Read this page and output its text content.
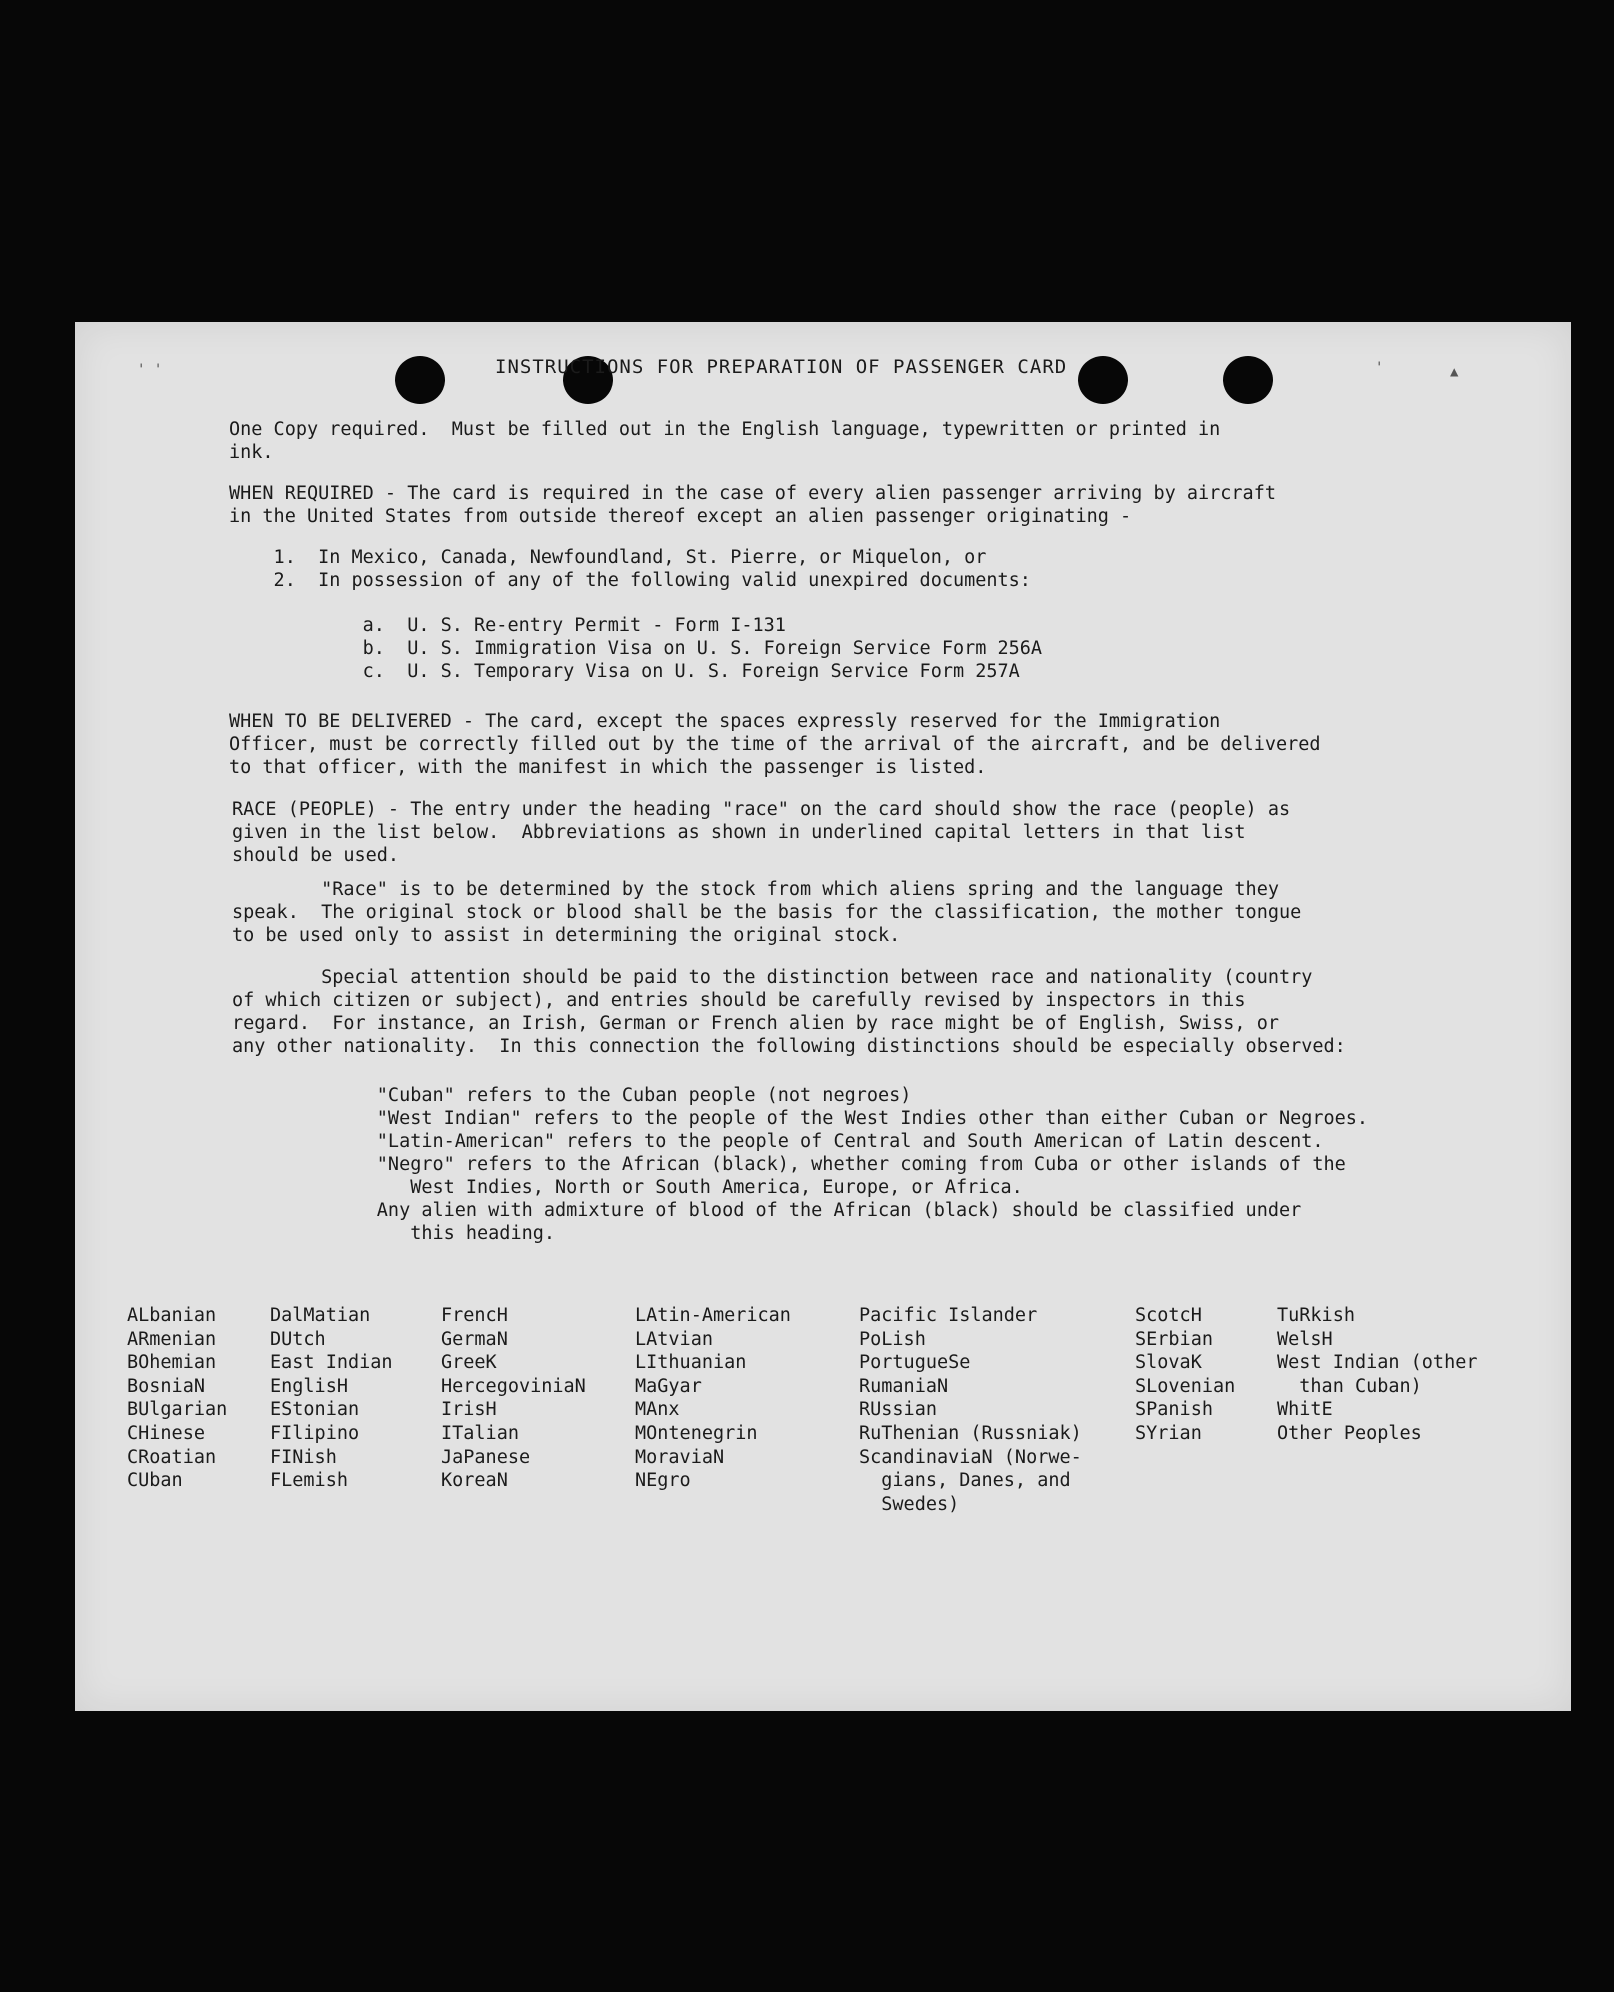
' '	'	▲
INSTRUCTIONS FOR PREPARATION OF PASSENGER CARD
One Copy required.  Must be filled out in the English language, typewritten or printed in
ink.
WHEN REQUIRED - The card is required in the case of every alien passenger arriving by aircraft
in the United States from outside thereof except an alien passenger originating -
1.  In Mexico, Canada, Newfoundland, St. Pierre, or Miquelon, or
2.  In possession of any of the following valid unexpired documents:
a.  U. S. Re-entry Permit - Form I-131
b.  U. S. Immigration Visa on U. S. Foreign Service Form 256A
c.  U. S. Temporary Visa on U. S. Foreign Service Form 257A
WHEN TO BE DELIVERED - The card, except the spaces expressly reserved for the Immigration
Officer, must be correctly filled out by the time of the arrival of the aircraft, and be delivered
to that officer, with the manifest in which the passenger is listed.
RACE (PEOPLE) - The entry under the heading "race" on the card should show the race (people) as
given in the list below.  Abbreviations as shown in underlined capital letters in that list
should be used.
"Race" is to be determined by the stock from which aliens spring and the language they
speak.  The original stock or blood shall be the basis for the classification, the mother tongue
to be used only to assist in determining the original stock.
Special attention should be paid to the distinction between race and nationality (country
of which citizen or subject), and entries should be carefully revised by inspectors in this
regard.  For instance, an Irish, German or French alien by race might be of English, Swiss, or
any other nationality.  In this connection the following distinctions should be especially observed:
"Cuban" refers to the Cuban people (not negroes)
"West Indian" refers to the people of the West Indies other than either Cuban or Negroes.
"Latin-American" refers to the people of Central and South American of Latin descent.
"Negro" refers to the African (black), whether coming from Cuba or other islands of the
West Indies, North or South America, Europe, or Africa.
Any alien with admixture of blood of the African (black) should be classified under
this heading.
ALbanian
ARmenian
BOhemian
BosniaN
BUlgarian
CHinese
CRoatian
CUban
DalMatian
DUtch
East Indian
EnglisH
EStonian
FIlipino
FINish
FLemish
FrencH
GermaN
GreeK
HercegoviniaN
IrisH
ITalian
JaPanese
KoreaN
LAtin-American
LAtvian
LIthuanian
MaGyar
MAnx
MOntenegrin
MoraviaN
NEgro
Pacific Islander
PoLish
PortugueSe
RumaniaN
RUssian
RuThenian (Russniak)
ScandinaviaN (Norwe-
gians, Danes, and
Swedes)
ScotcH
SErbian
SlovaK
SLovenian
SPanish
SYrian
TuRkish
WelsH
West Indian (other
than Cuban)
WhitE
Other Peoples
